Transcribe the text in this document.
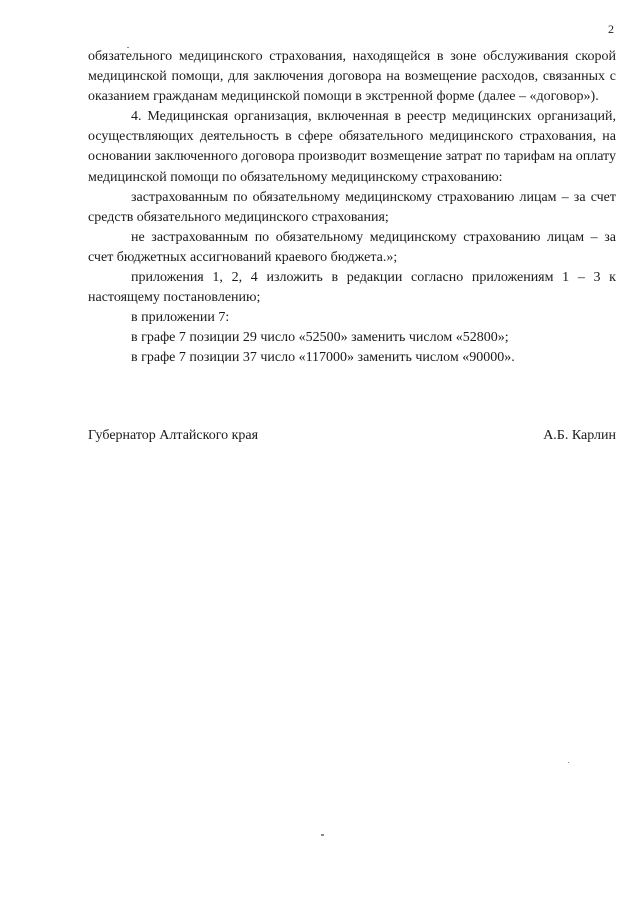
2

обязательного медицинского страхования, находящейся в зоне обслуживания скорой медицинской помощи, для заключения договора на возмещение расходов, связанных с оказанием гражданам медицинской помощи в экстренной форме (далее – «договор»).

4. Медицинская организация, включенная в реестр медицинских организаций, осуществляющих деятельность в сфере обязательного медицинского страхования, на основании заключенного договора производит возмещение затрат по тарифам на оплату медицинской помощи по обязательному медицинскому страхованию:

застрахованным по обязательному медицинскому страхованию лицам – за счет средств обязательного медицинского страхования;

не застрахованным по обязательному медицинскому страхованию лицам – за счет бюджетных ассигнований краевого бюджета.»;

приложения 1, 2, 4 изложить в редакции согласно приложениям 1 – 3 к настоящему постановлению;

в приложении 7:

в графе 7 позиции 29 число «52500» заменить числом «52800»;

в графе 7 позиции 37 число «117000» заменить числом «90000».

Губернатор Алтайского края	А.Б. Карлин
